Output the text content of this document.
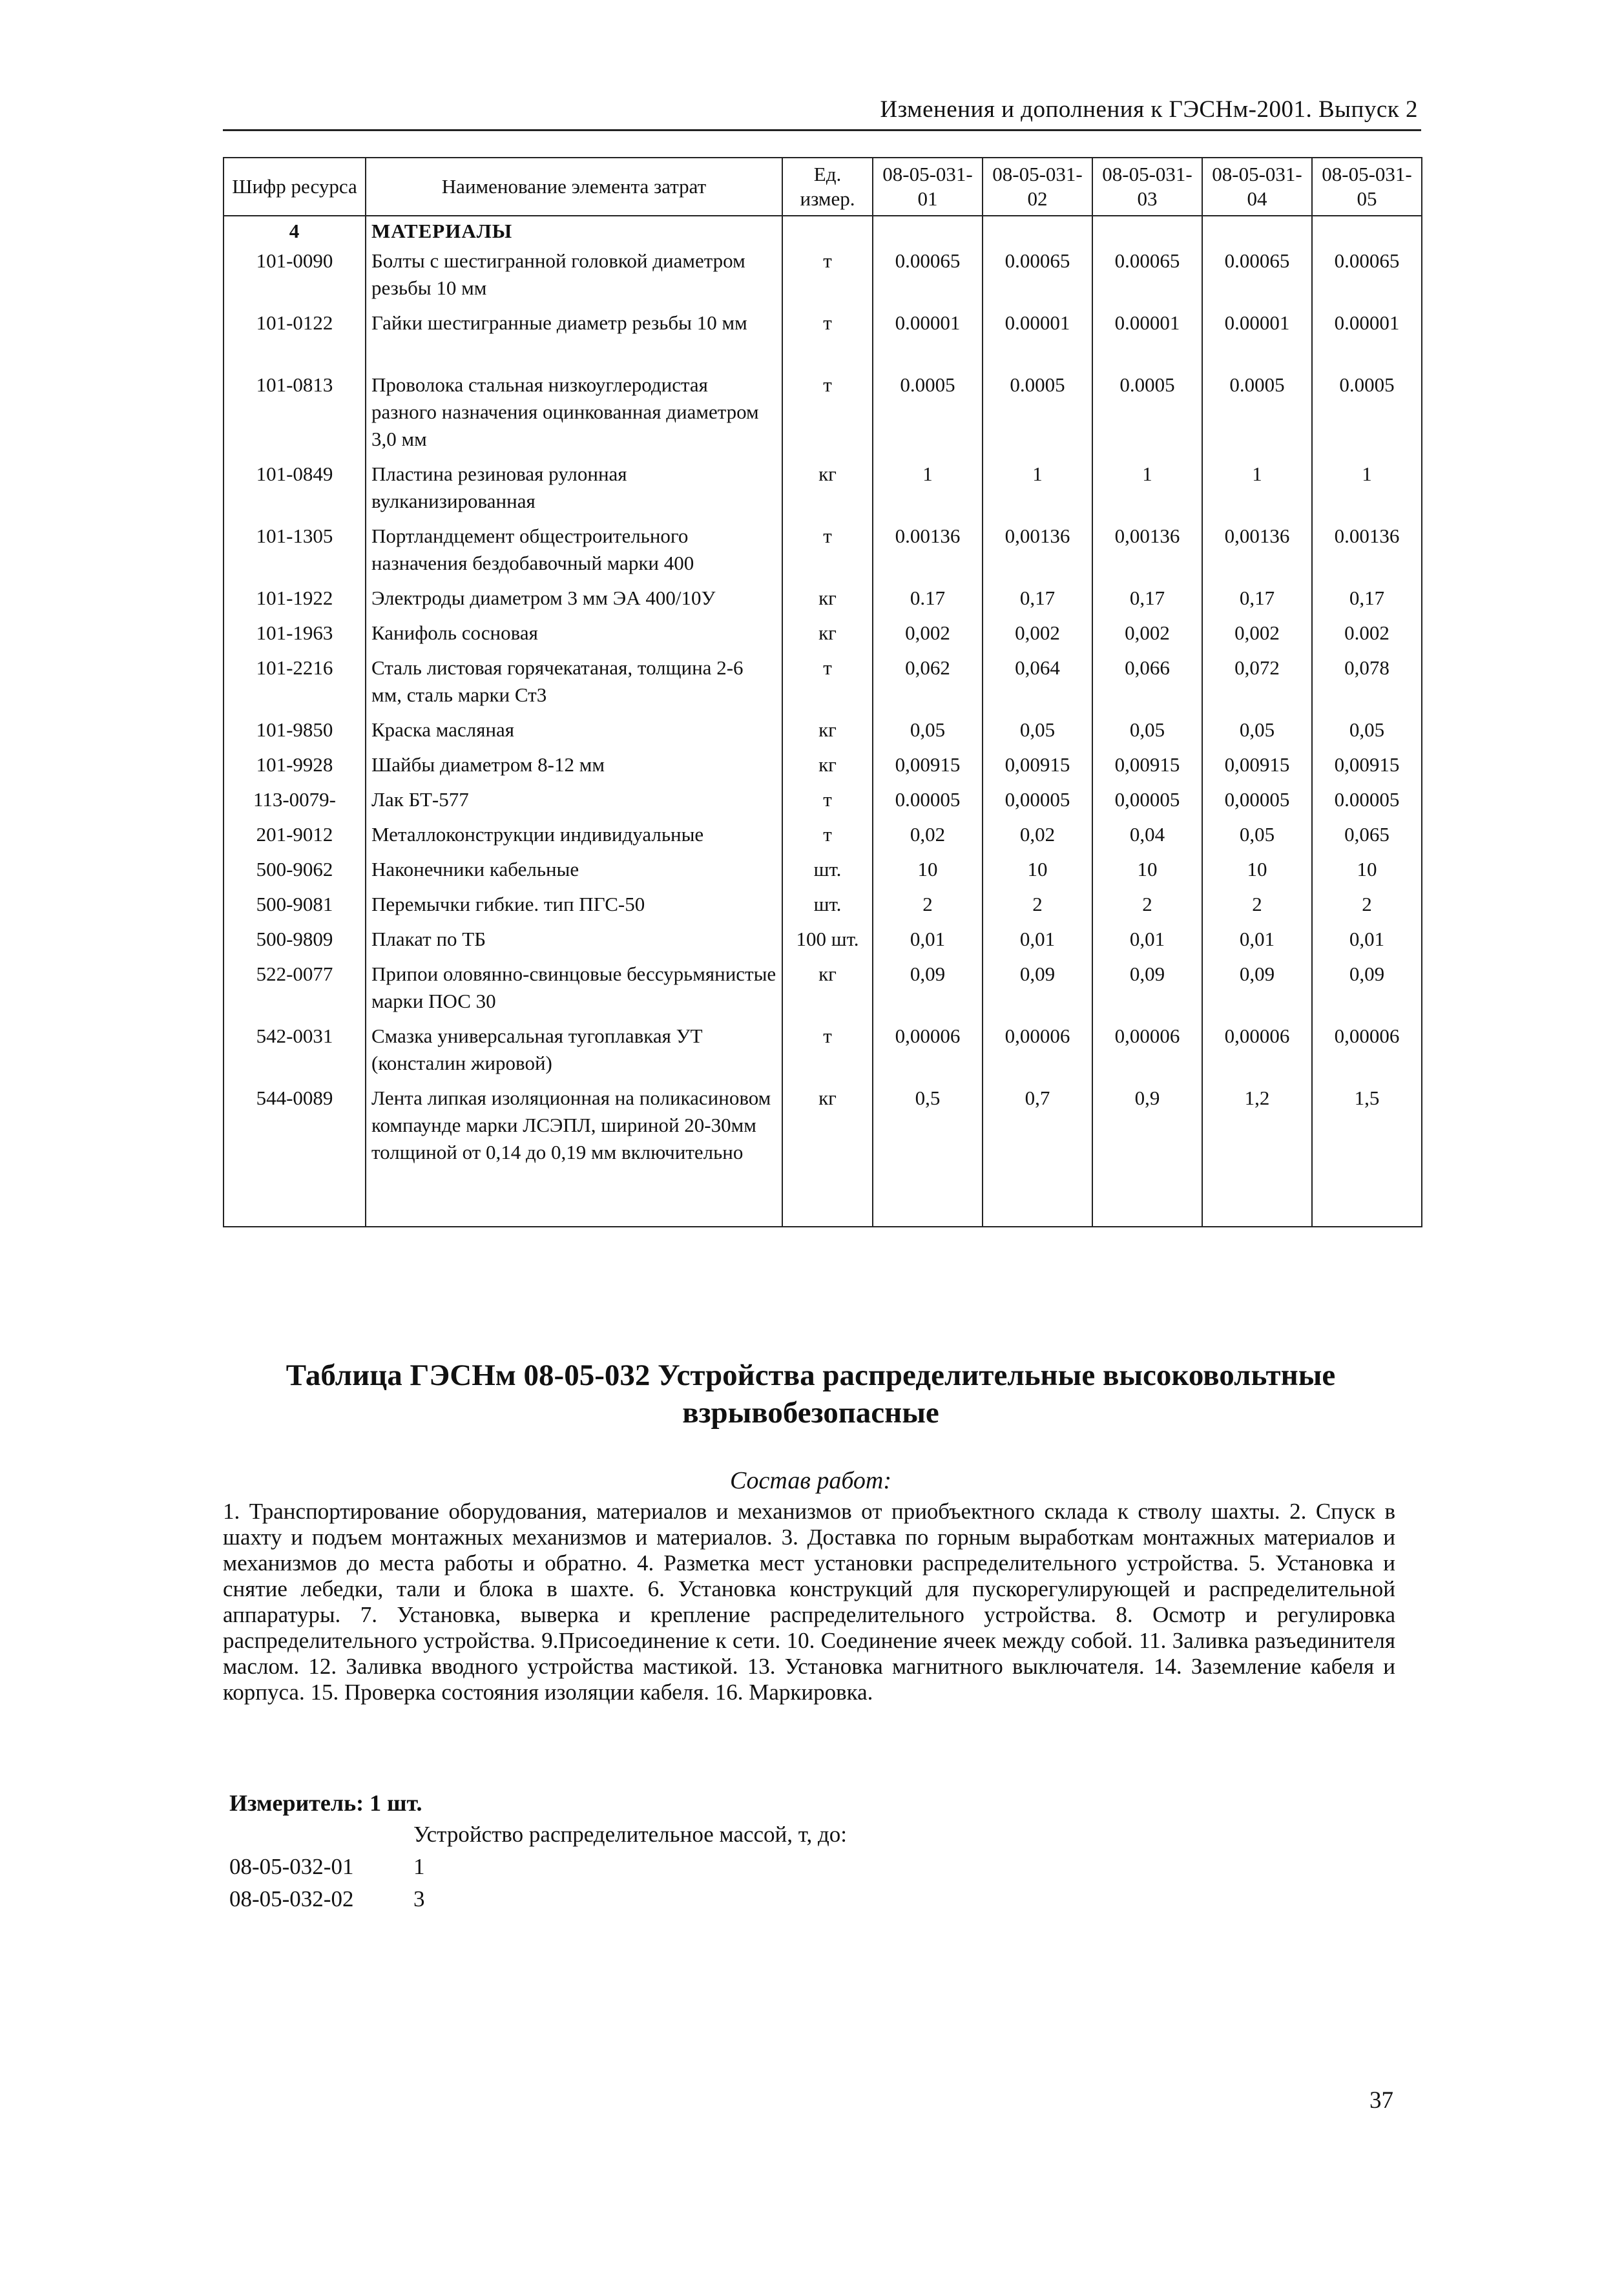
Изменения и дополнения к ГЭСНм-2001. Выпуск 2
Шифр ресурса	Наименование элемента затрат	Ед. измер.	08-05-031-01	08-05-031-02	08-05-031-03	08-05-031-04	08-05-031-05
4	МАТЕРИАЛЫ						
101-0090	Болты с шестигранной головкой диаметром резьбы 10 мм	т	0.00065	0.00065	0.00065	0.00065	0.00065
101-0122	Гайки шестигранные диаметр резьбы 10 мм	т	0.00001	0.00001	0.00001	0.00001	0.00001
101-0813	Проволока стальная низкоуглеродистая разного назначения оцинкованная диаметром 3,0 мм	т	0.0005	0.0005	0.0005	0.0005	0.0005
101-0849	Пластина резиновая рулонная вулканизированная	кг	1	1	1	1	1
101-1305	Портландцемент общестроительного назначения бездобавочный марки 400	т	0.00136	0,00136	0,00136	0,00136	0.00136
101-1922	Электроды диаметром 3 мм ЭА 400/10У	кг	0.17	0,17	0,17	0,17	0,17
101-1963	Канифоль сосновая	кг	0,002	0,002	0,002	0,002	0.002
101-2216	Сталь листовая горячекатаная, толщина 2-6 мм, сталь марки Ст3	т	0,062	0,064	0,066	0,072	0,078
101-9850	Краска масляная	кг	0,05	0,05	0,05	0,05	0,05
101-9928	Шайбы диаметром 8-12 мм	кг	0,00915	0,00915	0,00915	0,00915	0,00915
113-0079-	Лак БТ-577	т	0.00005	0,00005	0,00005	0,00005	0.00005
201-9012	Металлоконструкции индивидуальные	т	0,02	0,02	0,04	0,05	0,065
500-9062	Наконечники кабельные	шт.	10	10	10	10	10
500-9081	Перемычки гибкие. тип ПГС-50	шт.	2	2	2	2	2
500-9809	Плакат по ТБ	100 шт.	0,01	0,01	0,01	0,01	0,01
522-0077	Припои оловянно-свинцовые бессурьмянистые марки ПОС 30	кг	0,09	0,09	0,09	0,09	0,09
542-0031	Смазка универсальная тугоплавкая УТ (консталин жировой)	т	0,00006	0,00006	0,00006	0,00006	0,00006
544-0089	Лента липкая изоляционная на поликасиновом компаунде марки ЛСЭПЛ, шириной 20-30мм толщиной от 0,14 до 0,19 мм включительно	кг	0,5	0,7	0,9	1,2	1,5
Таблица ГЭСНм 08-05-032 Устройства распределительные высоковольтные взрывобезопасные
Состав работ:
1. Транспортирование оборудования, материалов и механизмов от приобъектного склада к стволу шахты. 2. Спуск в шахту и подъем монтажных механизмов и материалов. 3. Доставка по горным выработкам монтажных материалов и механизмов до места работы и обратно. 4. Разметка мест установки распределительного устройства. 5. Установка и снятие лебедки, тали и блока в шахте. 6. Установка конструкций для пускорегулирующей и распределительной аппаратуры. 7. Установка, выверка и крепление распределительного устройства. 8. Осмотр и регулировка распределительного устройства. 9.Присоединение к сети. 10. Соединение ячеек между собой. 11. Заливка разъединителя маслом. 12. Заливка вводного устройства мастикой. 13. Установка магнитного выключателя. 14. Заземление кабеля и корпуса. 15. Проверка состояния изоляции кабеля. 16. Маркировка.
Измеритель: 1 шт.
Устройство распределительное массой, т, до:
08-05-032-01	1
08-05-032-02	3
37
